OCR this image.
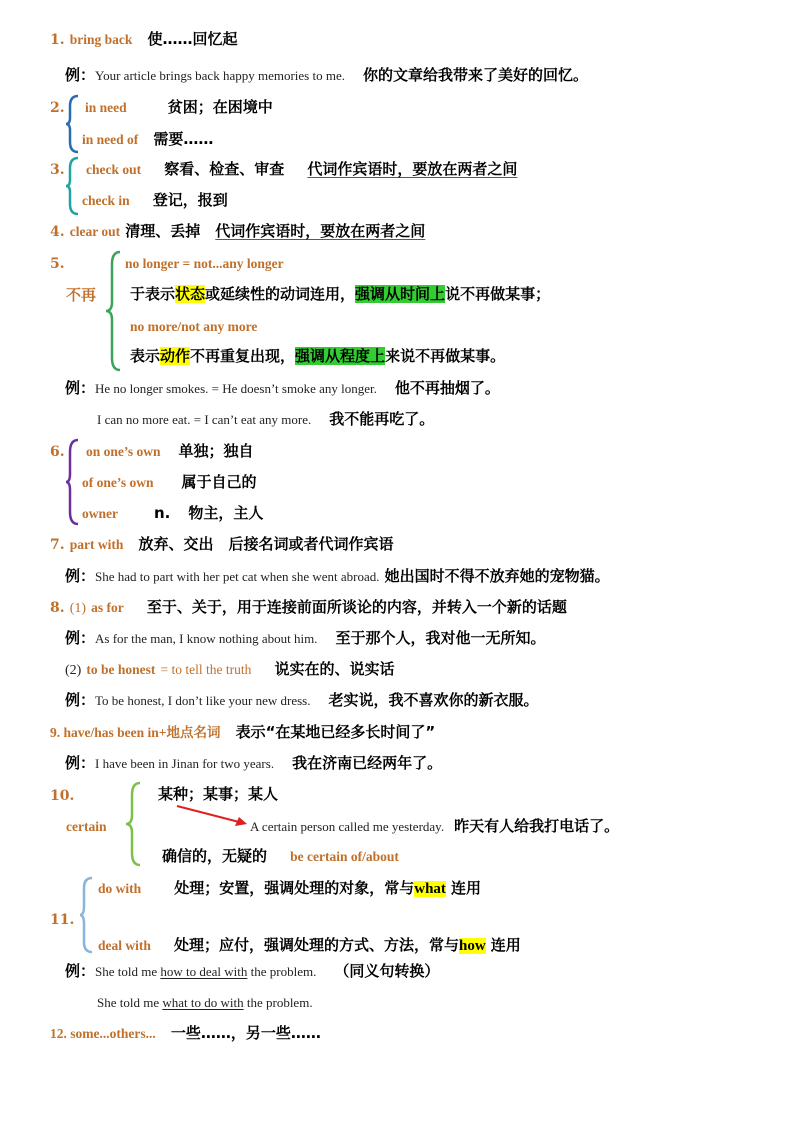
1. bring back 使……回忆起
例：Your article brings back happy memories to me. 你的文章给我带来了美好的回忆。
2. in need	贫困；在困境中
in need of 需要……
3. check out 察看、检查、审查 代词作宾语时，要放在两者之间
check in 登记，报到
4. clear out 清理、丢掉 代词作宾语时，要放在两者之间
5.
不再
no longer = not...any longer
于表示状态或延续性的动词连用，强调从时间上说不再做某事；
no more/not any more
表示动作不再重复出现，强调从程度上来说不再做某事。
例：He no longer smokes. = He doesn’t smoke any longer. 他不再抽烟了。
I can no more eat. = I can’t eat any more. 我不能再吃了。
6. on one’s own 单独；独自
of one’s own 属于自己的
owner n. 物主，主人
7. part with 放弃、交出 后接名词或者代词作宾语
例：She had to part with her pet cat when she went abroad. 她出国时不得不放弃她的宠物猫。
8. (1) as for 至于、关于，用于连接前面所谈论的内容，并转入一个新的话题
例：As for the man, I know nothing about him. 至于那个人，我对他一无所知。
(2) to be honest = to tell the truth 说实在的、说实话
例：To be honest, I don’t like your new dress. 老实说，我不喜欢你的新衣服。
9. have/has been in+地点名词 表示“在某地已经多长时间了”
例：I have been in Jinan for two years. 我在济南已经两年了。
10.
certain
某种；某事；某人
A certain person called me yesterday. 昨天有人给我打电话了。
确信的，无疑的 be certain of/about
do with 处理；安置，强调处理的对象，常与what 连用
11.
deal with 处理；应付，强调处理的方式、方法，常与how 连用
例：She told me how to deal with the problem. （同义句转换）
She told me what to do with the problem.
12. some...others... 一些……，另一些……
